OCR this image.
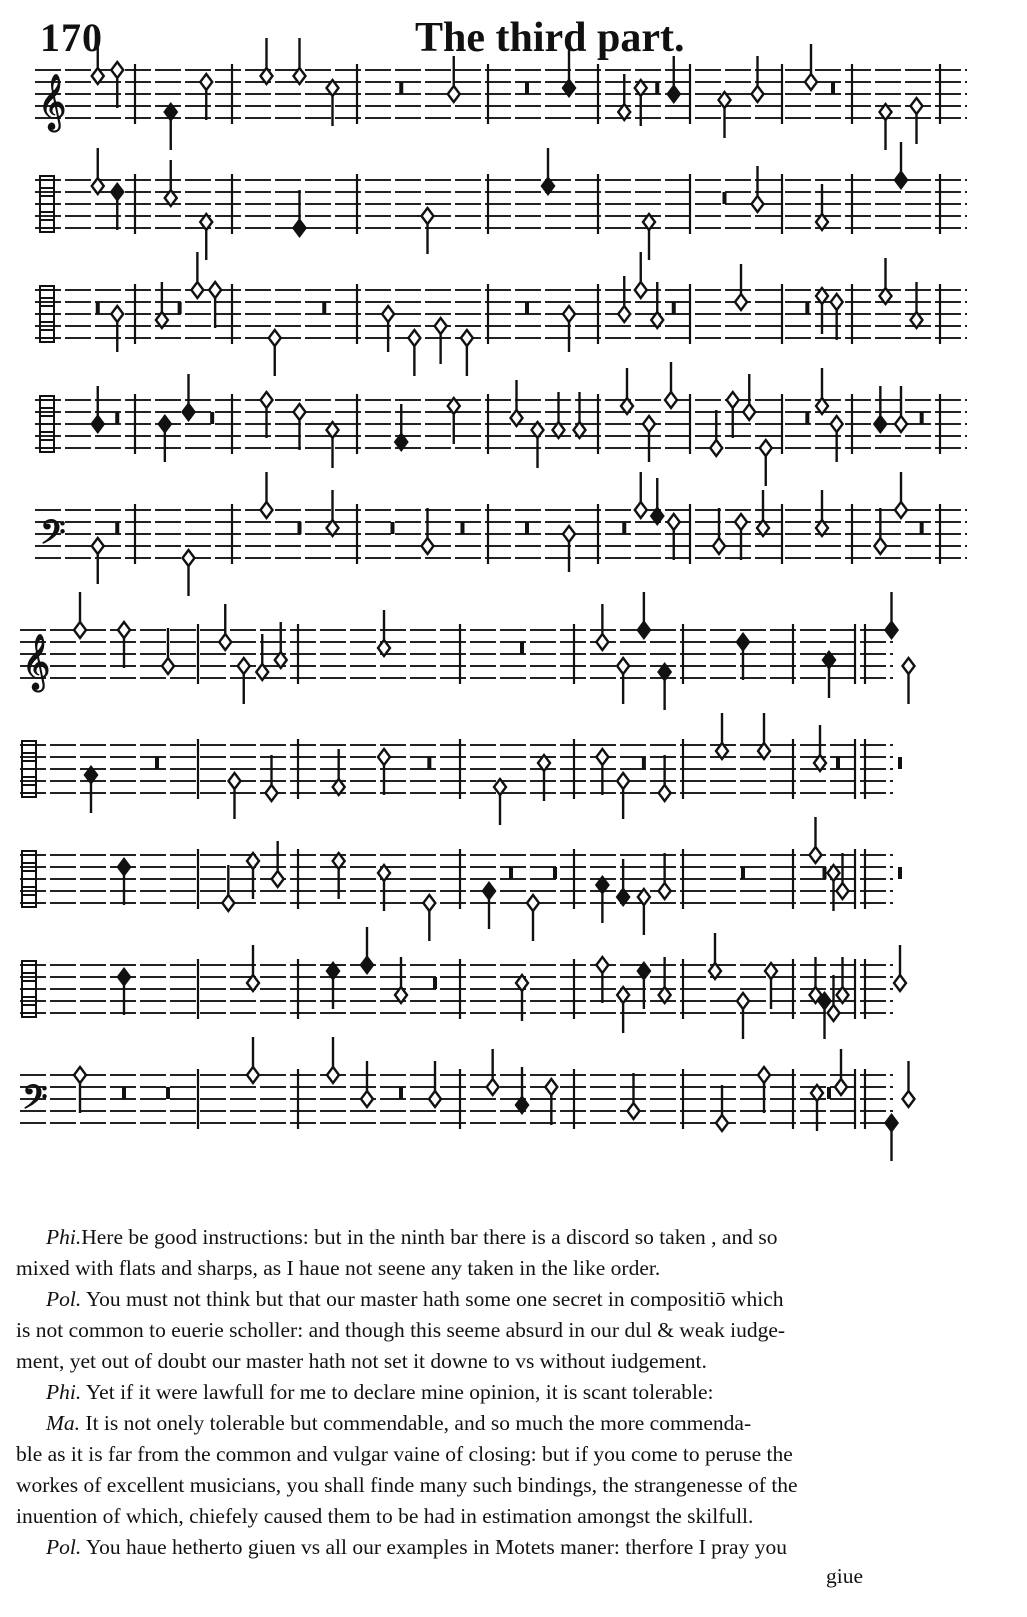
170	The third part.
𝄞
𝄢
𝄞
𝄢

Phi.Here be good instructions: but in the ninth bar there is a discord so taken , and so

mixed with flats and sharps, as I haue not seene any taken in the like order.

Pol. You must not think but that our master hath some one secret in compositiō which

is not common to euerie scholler: and though this seeme absurd in our dul & weak iudge-

ment, yet out of doubt our master hath not set it downe to vs without iudgement.

Phi. Yet if it were lawfull for me to declare mine opinion, it is scant tolerable:

Ma. It is not onely tolerable but commendable, and so much the more commenda-

ble as it is far from the common and vulgar vaine of closing: but if you come to peruse the

workes of excellent musicians, you shall finde many such bindings, the strangenesse of the

inuention of which, chiefely caused them to be had in estimation amongst the skilfull.

Pol. You haue hetherto giuen vs all our examples in Motets maner: therfore I pray you

giue
